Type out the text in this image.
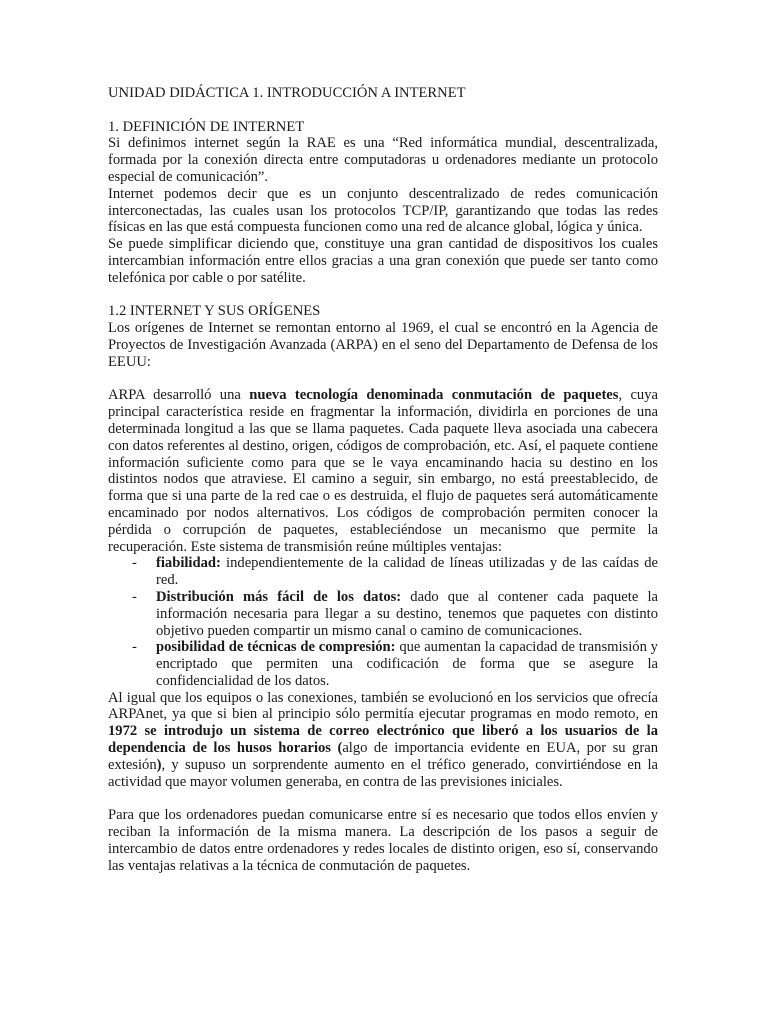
UNIDAD DIDÁCTICA 1. INTRODUCCIÓN A INTERNET

1. DEFINICIÓN DE INTERNET

Si definimos internet según la RAE es una “Red informática mundial, descentralizada, formada por la conexión directa entre computadoras u ordenadores mediante un protocolo especial de comunicación”.

Internet podemos decir que es un conjunto descentralizado de redes comunicación interconectadas, las cuales usan los protocolos TCP/IP, garantizando que todas las redes físicas en las que está compuesta funcionen como una red de alcance global, lógica y única.

Se puede simplificar diciendo que, constituye una gran cantidad de dispositivos los cuales intercambian información entre ellos gracias a una gran conexión que puede ser tanto como telefónica por cable o por satélite.

1.2 INTERNET Y SUS ORÍGENES

Los orígenes de Internet se remontan entorno al 1969, el cual se encontró en la Agencia de Proyectos de Investigación Avanzada (ARPA) en el seno del Departamento de Defensa de los EEUU:

ARPA desarrolló una nueva tecnología denominada conmutación de paquetes, cuya principal característica reside en fragmentar la información, dividirla en porciones de una determinada longitud a las que se llama paquetes. Cada paquete lleva asociada una cabecera con datos referentes al destino, origen, códigos de comprobación, etc. Así, el paquete contiene información suficiente como para que se le vaya encaminando hacia su destino en los distintos nodos que atraviese. El camino a seguir, sin embargo, no está preestablecido, de forma que si una parte de la red cae o es destruida, el flujo de paquetes será automáticamente encaminado por nodos alternativos. Los códigos de comprobación permiten conocer la pérdida o corrupción de paquetes, estableciéndose un mecanismo que permite la recuperación. Este sistema de transmisión reúne múltiples ventajas:

- fiabilidad: independientemente de la calidad de líneas utilizadas y de las caídas de red.
- Distribución más fácil de los datos: dado que al contener cada paquete la información necesaria para llegar a su destino, tenemos que paquetes con distinto objetivo pueden compartir un mismo canal o camino de comunicaciones.
- posibilidad de técnicas de compresión: que aumentan la capacidad de transmisión y encriptado que permiten una codificación de forma que se asegure la confidencialidad de los datos.

Al igual que los equipos o las conexiones, también se evolucionó en los servicios que ofrecía ARPAnet, ya que si bien al principio sólo permitía ejecutar programas en modo remoto, en 1972 se introdujo un sistema de correo electrónico que liberó a los usuarios de la dependencia de los husos horarios (algo de importancia evidente en EUA, por su gran extesión), y supuso un sorprendente aumento en el tréfico generado, convirtiéndose en la actividad que mayor volumen generaba, en contra de las previsiones iniciales.

Para que los ordenadores puedan comunicarse entre sí es necesario que todos ellos envíen y reciban la información de la misma manera. La descripción de los pasos a seguir de intercambio de datos entre ordenadores y redes locales de distinto origen, eso sí, conservando las ventajas relativas a la técnica de conmutación de paquetes.
